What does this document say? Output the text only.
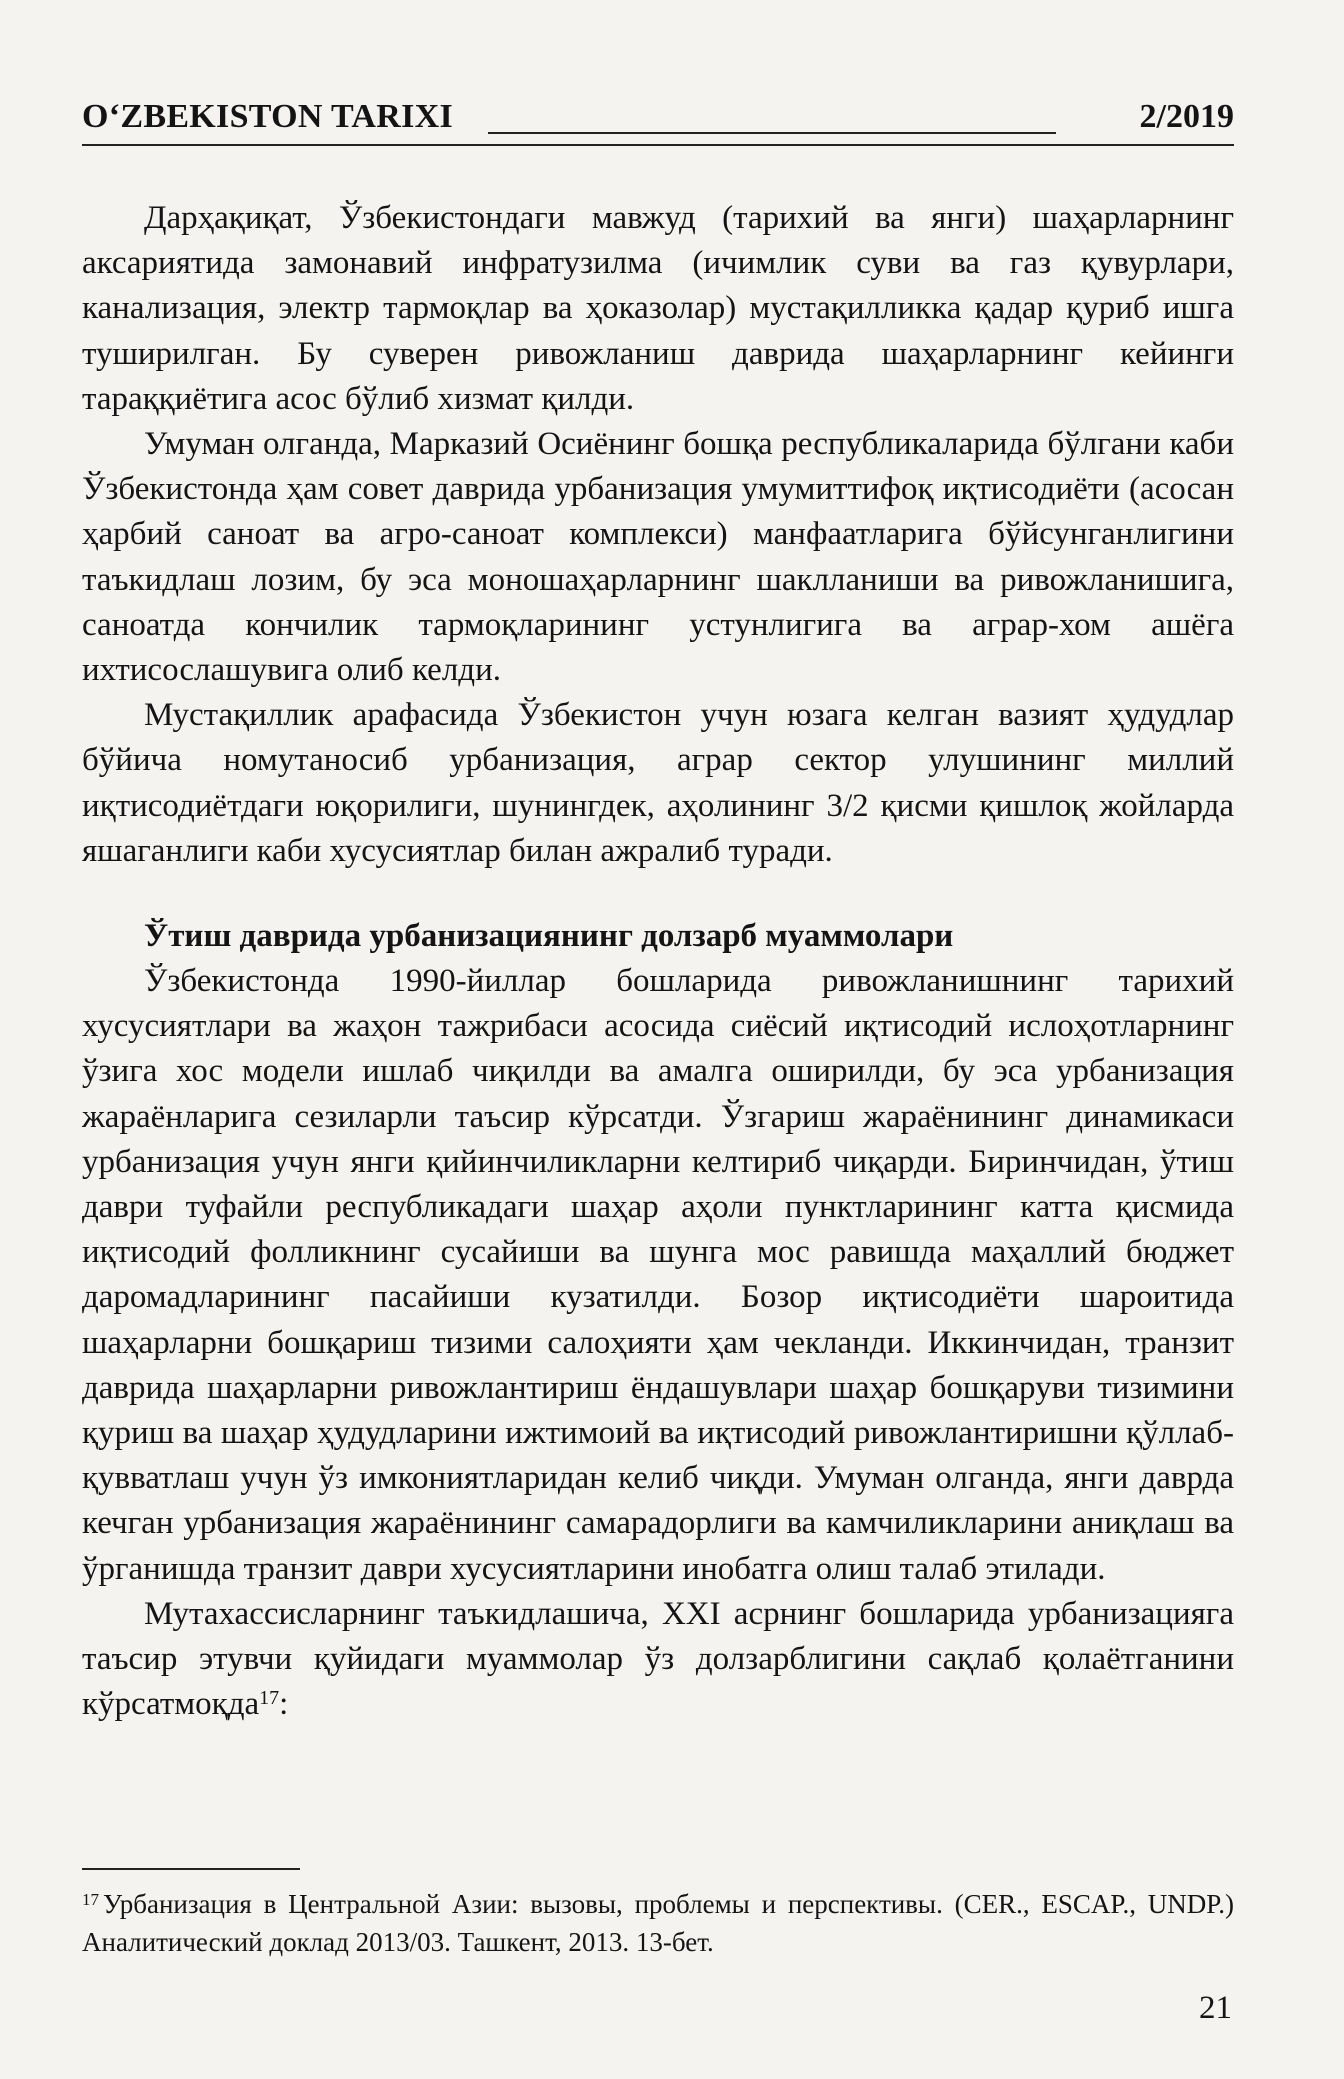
O‘ZBEKISTON TARIXI	2/2019

Дарҳақиқат, Ўзбекистондаги мавжуд (тарихий ва янги) шаҳарларнинг аксариятида замонавий инфратузилма (ичимлик суви ва газ қувурлари, канализация, электр тармоқлар ва ҳоказолар) мустақилликка қадар қуриб ишга туширилган. Бу суверен ривожланиш даврида шаҳарларнинг кейинги тараққиётига асос бўлиб хизмат қилди.

Умуман олганда, Марказий Осиёнинг бошқа республикаларида бўлгани каби Ўзбекистонда ҳам совет даврида урбанизация умумиттифоқ иқтисодиёти (асосан ҳарбий саноат ва агро-саноат комплекси) манфаатларига бўйсунганлигини таъкидлаш лозим, бу эса моношаҳарларнинг шаклланиши ва ривожланишига, саноатда кончилик тармоқларининг устунлигига ва аграр-хом ашёга ихтисослашувига олиб келди.

Мустақиллик арафасида Ўзбекистон учун юзага келган вазият ҳудудлар бўйича номутаносиб урбанизация, аграр сектор улушининг миллий иқтисодиётдаги юқорилиги, шунингдек, аҳолининг 3/2 қисми қишлоқ жойларда яшаганлиги каби хусусиятлар билан ажралиб туради.

Ўтиш даврида урбанизациянинг долзарб муаммолари

Ўзбекистонда 1990-йиллар бошларида ривожланишнинг тарихий хусусиятлари ва жаҳон тажрибаси асосида сиёсий иқтисодий ислоҳотларнинг ўзига хос модели ишлаб чиқилди ва амалга оширилди, бу эса урбанизация жараёнларига сезиларли таъсир кўрсатди. Ўзгариш жараёнининг динамикаси урбанизация учун янги қийинчиликларни келтириб чиқарди. Биринчидан, ўтиш даври туфайли республикадаги шаҳар аҳоли пунктларининг катта қисмида иқтисодий фолликнинг сусайиши ва шунга мос равишда маҳаллий бюджет даромадларининг пасайиши кузатилди. Бозор иқтисодиёти шароитида шаҳарларни бошқариш тизими салоҳияти ҳам чекланди. Иккинчидан, транзит даврида шаҳарларни ривожлантириш ёндашувлари шаҳар бошқаруви тизимини қуриш ва шаҳар ҳудудларини ижтимоий ва иқтисодий ривожлантиришни қўллаб-қувватлаш учун ўз имкониятларидан келиб чиқди. Умуман олганда, янги даврда кечган урбанизация жараёнининг самарадорлиги ва камчиликларини аниқлаш ва ўрганишда транзит даври хусусиятларини инобатга олиш талаб этилади.

Мутахассисларнинг таъкидлашича, XXI асрнинг бошларида урбанизацияга таъсир этувчи қуйидаги муаммолар ўз долзарблигини сақлаб қолаётганини кўрсатмоқда$^{17}$:

$^{17}$ Урбанизация в Центральной Азии: вызовы, проблемы и перспективы. (CER., ESCAP., UNDP.) Аналитический доклад 2013/03. Ташкент, 2013. 13-бет.
21
